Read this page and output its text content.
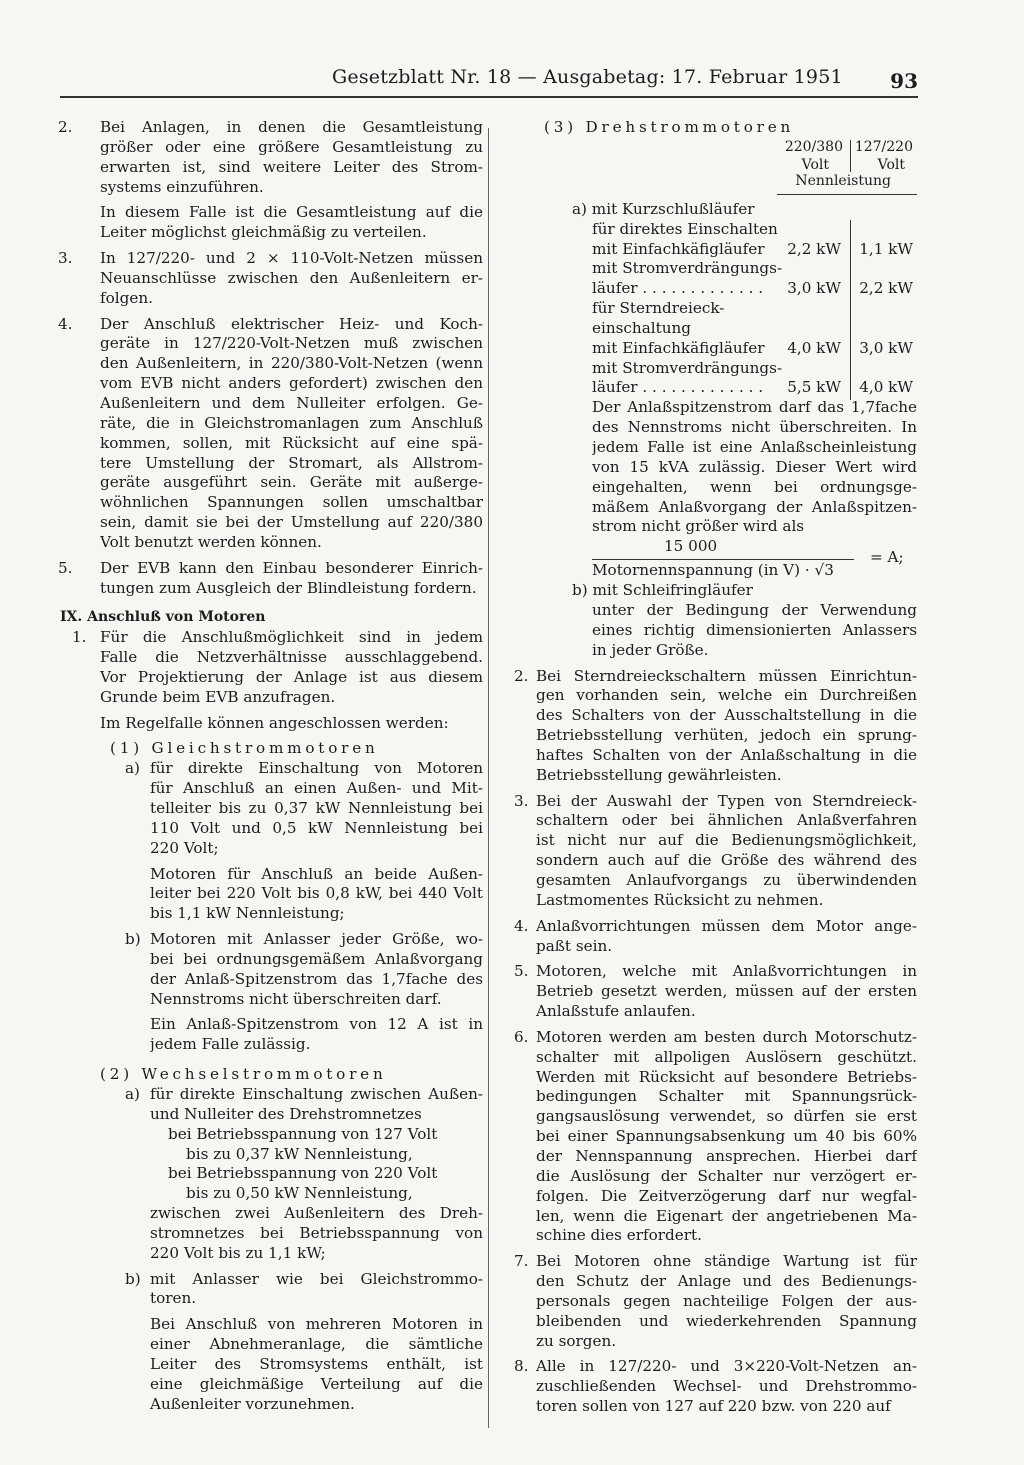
Gesetzblatt Nr. 18 — Ausgabetag: 17. Februar 1951 93
2. Bei Anlagen, in denen die Gesamtleistung
größer oder eine größere Gesamtleistung zu
erwarten ist, sind weitere Leiter des Strom-
systems einzuführen.
In diesem Falle ist die Gesamtleistung auf die
Leiter möglichst gleichmäßig zu verteilen.
3. In 127/220- und 2 × 110-Volt-Netzen müssen
Neuanschlüsse zwischen den Außenleitern er-
folgen.
4. Der Anschluß elektrischer Heiz- und Koch-
geräte in 127/220-Volt-Netzen muß zwischen
den Außenleitern, in 220/380-Volt-Netzen (wenn
vom EVB nicht anders gefordert) zwischen den
Außenleitern und dem Nulleiter erfolgen. Ge-
räte, die in Gleichstromanlagen zum Anschluß
kommen, sollen, mit Rücksicht auf eine spä-
tere Umstellung der Stromart, als Allstrom-
geräte ausgeführt sein. Geräte mit außerge-
wöhnlichen Spannungen sollen umschaltbar
sein, damit sie bei der Umstellung auf 220/380
Volt benutzt werden können.
5. Der EVB kann den Einbau besonderer Einrich-
tungen zum Ausgleich der Blindleistung fordern.
IX. Anschluß von Motoren
1. Für die Anschlußmöglichkeit sind in jedem
Falle die Netzverhältnisse ausschlaggebend.
Vor Projektierung der Anlage ist aus diesem
Grunde beim EVB anzufragen.
Im Regelfalle können angeschlossen werden:
(1) Gleichstrommotoren
a) für direkte Einschaltung von Motoren
für Anschluß an einen Außen- und Mit-
telleiter bis zu 0,37 kW Nennleistung bei
110 Volt und 0,5 kW Nennleistung bei
220 Volt;
Motoren für Anschluß an beide Außen-
leiter bei 220 Volt bis 0,8 kW, bei 440 Volt
bis 1,1 kW Nennleistung;
b) Motoren mit Anlasser jeder Größe, wo-
bei bei ordnungsgemäßem Anlaßvorgang
der Anlaß-Spitzenstrom das 1,7fache des
Nennstroms nicht überschreiten darf.
Ein Anlaß-Spitzenstrom von 12 A ist in
jedem Falle zulässig.
(2) Wechselstrommotoren
a) für direkte Einschaltung zwischen Außen-
und Nulleiter des Drehstromnetzes
bei Betriebsspannung von 127 Volt
bis zu 0,37 kW Nennleistung,
bei Betriebsspannung von 220 Volt
bis zu 0,50 kW Nennleistung,
zwischen zwei Außenleitern des Dreh-
stromnetzes bei Betriebsspannung von
220 Volt bis zu 1,1 kW;
b) mit Anlasser wie bei Gleichstrommo-
toren.
Bei Anschluß von mehreren Motoren in
einer Abnehmeranlage, die sämtliche
Leiter des Stromsystems enthält, ist
eine gleichmäßige Verteilung auf die
Außenleiter vorzunehmen.
(3) Drehstrommotoren
220/380
Volt
127/220
Volt
Nennleistung
a) mit Kurzschlußläufer
für direktes Einschalten
mit Einfachkäfigläufer 2,2 kW 1,1 kW
mit Stromverdrängungs-
läufer . . . . . . . . . . . . . 3,0 kW 2,2 kW
für Sterndreieck-
einschaltung
mit Einfachkäfigläufer 4,0 kW 3,0 kW
mit Stromverdrängungs-
läufer . . . . . . . . . . . . . 5,5 kW 4,0 kW
Der Anlaßspitzenstrom darf das 1,7fache
des Nennstroms nicht überschreiten. In
jedem Falle ist eine Anlaßscheinleistung
von 15 kVA zulässig. Dieser Wert wird
eingehalten, wenn bei ordnungsge-
mäßem Anlaßvorgang der Anlaßspitzen-
strom nicht größer wird als
15 000
Motornennspannung (in V) · √3
= A;
b) mit Schleifringläufer
unter der Bedingung der Verwendung
eines richtig dimensionierten Anlassers
in jeder Größe.
2. Bei Sterndreieckschaltern müssen Einrichtun-
gen vorhanden sein, welche ein Durchreißen
des Schalters von der Ausschaltstellung in die
Betriebsstellung verhüten, jedoch ein sprung-
haftes Schalten von der Anlaßschaltung in die
Betriebsstellung gewährleisten.
3. Bei der Auswahl der Typen von Sterndreieck-
schaltern oder bei ähnlichen Anlaßverfahren
ist nicht nur auf die Bedienungsmöglichkeit,
sondern auch auf die Größe des während des
gesamten Anlaufvorgangs zu überwindenden
Lastmomentes Rücksicht zu nehmen.
4. Anlaßvorrichtungen müssen dem Motor ange-
paßt sein.
5. Motoren, welche mit Anlaßvorrichtungen in
Betrieb gesetzt werden, müssen auf der ersten
Anlaßstufe anlaufen.
6. Motoren werden am besten durch Motorschutz-
schalter mit allpoligen Auslösern geschützt.
Werden mit Rücksicht auf besondere Betriebs-
bedingungen Schalter mit Spannungsrück-
gangsauslösung verwendet, so dürfen sie erst
bei einer Spannungsabsenkung um 40 bis 60%
der Nennspannung ansprechen. Hierbei darf
die Auslösung der Schalter nur verzögert er-
folgen. Die Zeitverzögerung darf nur wegfal-
len, wenn die Eigenart der angetriebenen Ma-
schine dies erfordert.
7. Bei Motoren ohne ständige Wartung ist für
den Schutz der Anlage und des Bedienungs-
personals gegen nachteilige Folgen der aus-
bleibenden und wiederkehrenden Spannung
zu sorgen.
8. Alle in 127/220- und 3×220-Volt-Netzen an-
zuschließenden Wechsel- und Drehstrommo-
toren sollen von 127 auf 220 bzw. von 220 auf
